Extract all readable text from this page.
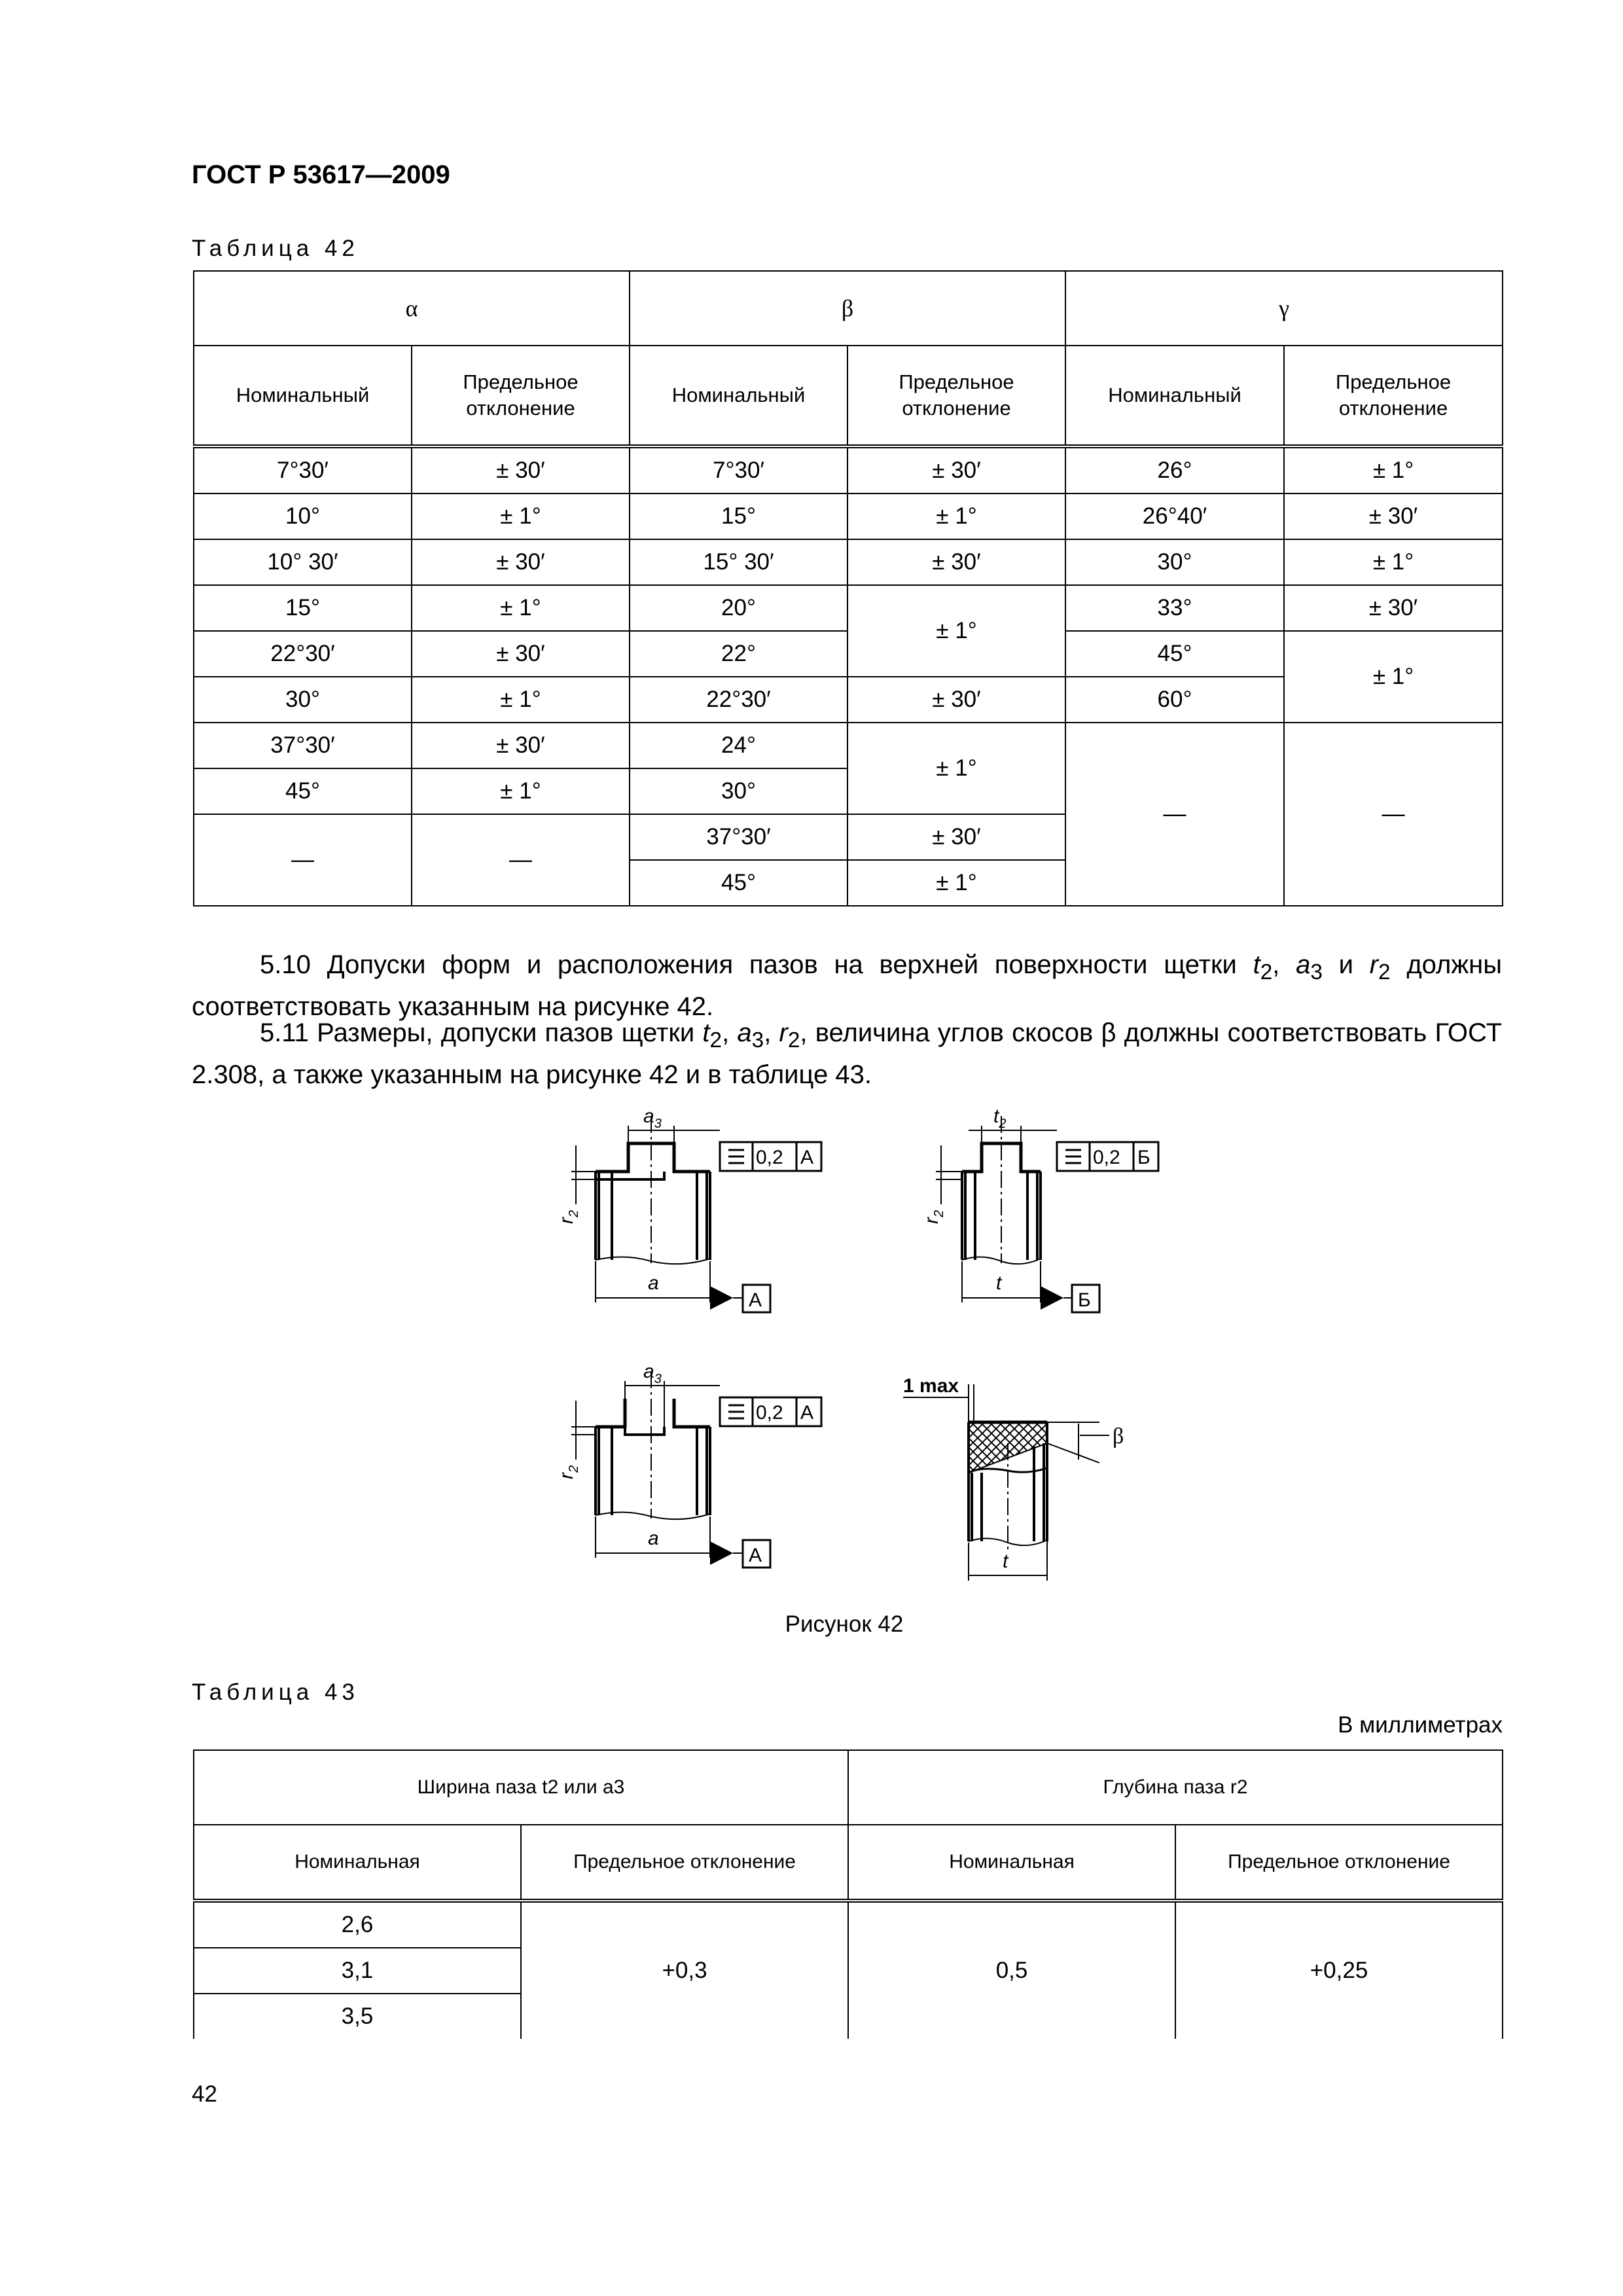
ГОСТ Р 53617—2009
Таблица 42
α		β		γ	
Номинальный	Предельное отклонение	Номинальный	Предельное отклонение	Номинальный	Предельное отклонение
7°30′	± 30′	7°30′	± 30′	26°	± 1°
10°	± 1°	15°	± 1°	26°40′	± 30′
10° 30′	± 30′	15° 30′	± 30′	30°	± 1°
15°	± 1°	20°	± 1°	33°	± 30′
22°30′	± 30′	22°		45°	± 1°
30°	± 1°	22°30′	± 30′	60°	
37°30′	± 30′	24°	± 1°	—	—
45°	± 1°	30°			
—	—	37°30′	± 30′		
		45°	± 1°		
5.10 Допуски форм и расположения пазов на верхней поверхности щетки $t_2$, $a_3$ и $r_2$ должны соответствовать указанным на рисунке 42.
5.11 Размеры, допуски пазов щетки $t_2$, $a_3$, $r_2$, величина углов скосов β должны соответствовать ГОСТ 2.308, а также указанным на рисунке 42 и в таблице 43.
$a_3$
0,2 А
$r_2$
a
А
$t_2$
0,2 Б
$r_2$
t
Б
$a_3$
0,2 А
$r_2$
a
А
1 max
β
t
Рисунок 42
Таблица 43
В миллиметрах
Ширина паза t2 или a3		Глубина паза r2	
Номинальная	Предельное отклонение	Номинальная	Предельное отклонение
2,6	+0,3	0,5	+0,25
3,1			
3,5			
42
